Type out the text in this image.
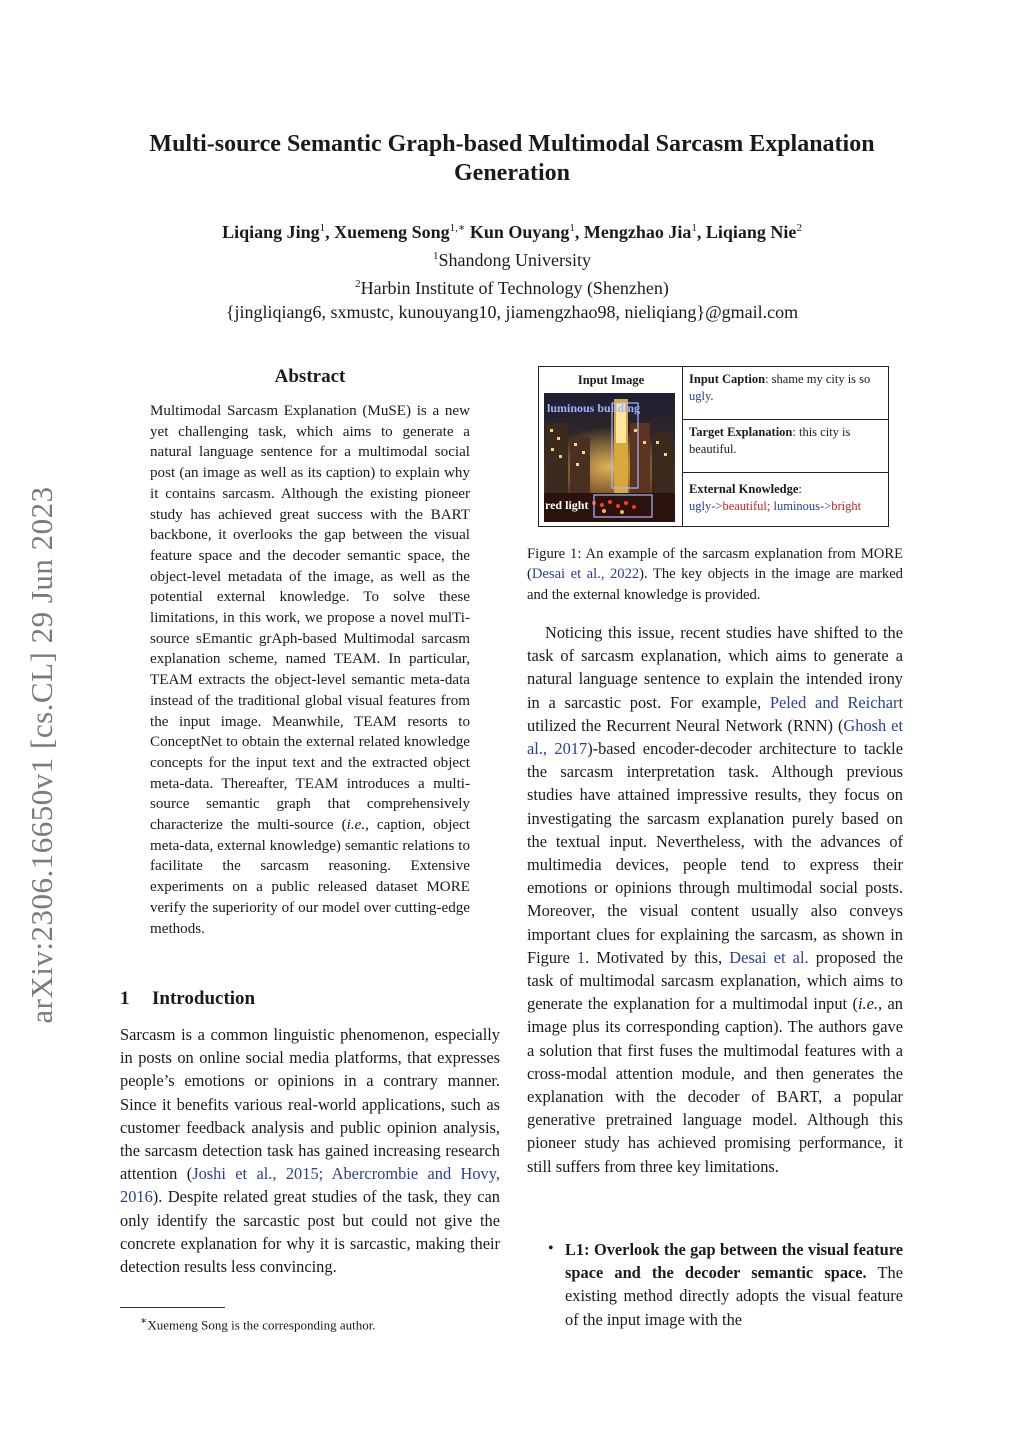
Multi-source Semantic Graph-based Multimodal Sarcasm Explanation
Generation
Liqiang Jing$^1$, Xuemeng Song$^{1,∗}$ Kun Ouyang$^1$, Mengzhao Jia$^1$, Liqiang Nie$^2$
$^1$Shandong University
$^2$Harbin Institute of Technology (Shenzhen)
{jingliqiang6, sxmustc, kunouyang10, jiamengzhao98, nieliqiang}@gmail.com
arXiv:2306.16650v1 [cs.CL] 29 Jun 2023
Abstract
Multimodal Sarcasm Explanation (MuSE) is a new yet challenging task, which aims to generate a natural language sentence for a multimodal social post (an image as well as its caption) to explain why it contains sarcasm. Although the existing pioneer study has achieved great success with the BART backbone, it overlooks the gap between the visual feature space and the decoder semantic space, the object-level metadata of the image, as well as the potential external knowledge. To solve these limitations, in this work, we propose a novel mulTi-source sEmantic grAph-based Multimodal sarcasm explanation scheme, named TEAM. In particular, TEAM extracts the object-level semantic meta-data instead of the traditional global visual features from the input image. Meanwhile, TEAM resorts to ConceptNet to obtain the external related knowledge concepts for the input text and the extracted object meta-data. Thereafter, TEAM introduces a multi-source semantic graph that comprehensively characterize the multi-source (i.e., caption, object meta-data, external knowledge) semantic relations to facilitate the sarcasm reasoning. Extensive experiments on a public released dataset MORE verify the superiority of our model over cutting-edge methods.
1 Introduction
Sarcasm is a common linguistic phenomenon, especially in posts on online social media platforms, that expresses people’s emotions or opinions in a contrary manner. Since it benefits various real-world applications, such as customer feedback analysis and public opinion analysis, the sarcasm detection task has gained increasing research attention (Joshi et al., 2015; Abercrombie and Hovy, 2016). Despite related great studies of the task, they can only identify the sarcastic post but could not give the concrete explanation for why it is sarcastic, making their detection results less convincing.
∗Xuemeng Song is the corresponding author.
Input Image
luminous building
red light
Input Caption: shame my city is so ugly.
Target Explanation: this city is beautiful.
External Knowledge:
ugly->beautiful; luminous->bright
Figure 1: An example of the sarcasm explanation from MORE (Desai et al., 2022). The key objects in the image are marked and the external knowledge is provided.
Noticing this issue, recent studies have shifted to the task of sarcasm explanation, which aims to generate a natural language sentence to explain the intended irony in a sarcastic post. For example, Peled and Reichart utilized the Recurrent Neural Network (RNN) (Ghosh et al., 2017)-based encoder-decoder architecture to tackle the sarcasm interpretation task. Although previous studies have attained impressive results, they focus on investigating the sarcasm explanation purely based on the textual input. Nevertheless, with the advances of multimedia devices, people tend to express their emotions or opinions through multimodal social posts. Moreover, the visual content usually also conveys important clues for explaining the sarcasm, as shown in Figure 1. Motivated by this, Desai et al. proposed the task of multimodal sarcasm explanation, which aims to generate the explanation for a multimodal input (i.e., an image plus its corresponding caption). The authors gave a solution that first fuses the multimodal features with a cross-modal attention module, and then generates the explanation with the decoder of BART, a popular generative pretrained language model. Although this pioneer study has achieved promising performance, it still suffers from three key limitations.
• L1: Overlook the gap between the visual feature space and the decoder semantic space. The existing method directly adopts the visual feature of the input image with the
